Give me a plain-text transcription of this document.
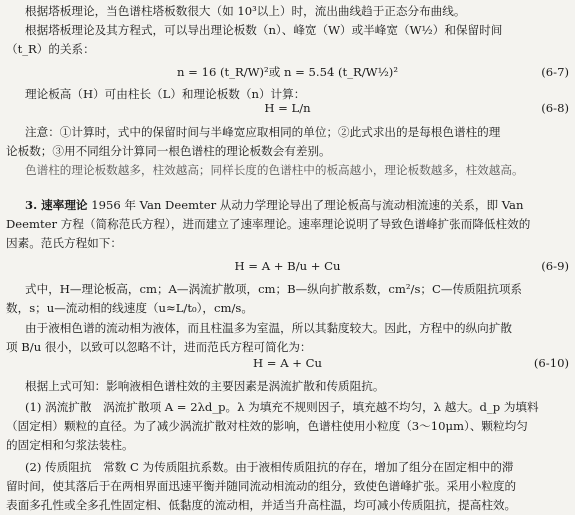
根据塔板理论，当色谱柱塔板数很大（如 10³以上）时，流出曲线趋于正态分布曲线。
根据塔板理论及其方程式，可以导出理论板数（n）、峰宽（W）或半峰宽（W½）和保留时间
（t_R）的关系：
n = 16 (t_R/W)²或 n = 5.54 (t_R/W½)²	(6-7)
理论板高（H）可由柱长（L）和理论板数（n）计算：
H = L/n	(6-8)
注意：①计算时，式中的保留时间与半峰宽应取相同的单位；②此式求出的是每根色谱柱的理
论板数；③用不同组分计算同一根色谱柱的理论板数会有差别。
色谱柱的理论板数越多，柱效越高；同样长度的色谱柱中的板高越小，理论板数越多，柱效越高。
3. 速率理论 1956 年 Van Deemter 从动力学理论导出了理论板高与流动相流速的关系，即 Van
Deemter 方程（简称范氏方程），进而建立了速率理论。速率理论说明了导致色谱峰扩张而降低柱效的
因素。范氏方程如下：
H = A + B/u + Cu	(6-9)
式中，H—理论板高，cm；A—涡流扩散项，cm；B—纵向扩散系数，cm²/s；C—传质阻抗项系
数，s；u—流动相的线速度（u≈L/t₀），cm/s。
由于液相色谱的流动相为液体，而且柱温多为室温，所以其黏度较大。因此，方程中的纵向扩散
项 B/u 很小，以致可以忽略不计，进而范氏方程可简化为：
H = A + Cu	(6-10)
根据上式可知：影响液相色谱柱效的主要因素是涡流扩散和传质阻抗。
(1) 涡流扩散　涡流扩散项 A = 2λd_p。λ 为填充不规则因子，填充越不均匀，λ 越大。d_p 为填料
（固定相）颗粒的直径。为了减少涡流扩散对柱效的影响，色谱柱使用小粒度（3～10μm）、颗粒均匀
的固定相和匀浆法装柱。
(2) 传质阻抗　常数 C 为传质阻抗系数。由于液相传质阻抗的存在，增加了组分在固定相中的滞
留时间，使其落后于在两相界面迅速平衡并随同流动相流动的组分，致使色谱峰扩张。采用小粒度的
表面多孔性或全多孔性固定相、低黏度的流动相，并适当升高柱温，均可减小传质阻抗，提高柱效。
